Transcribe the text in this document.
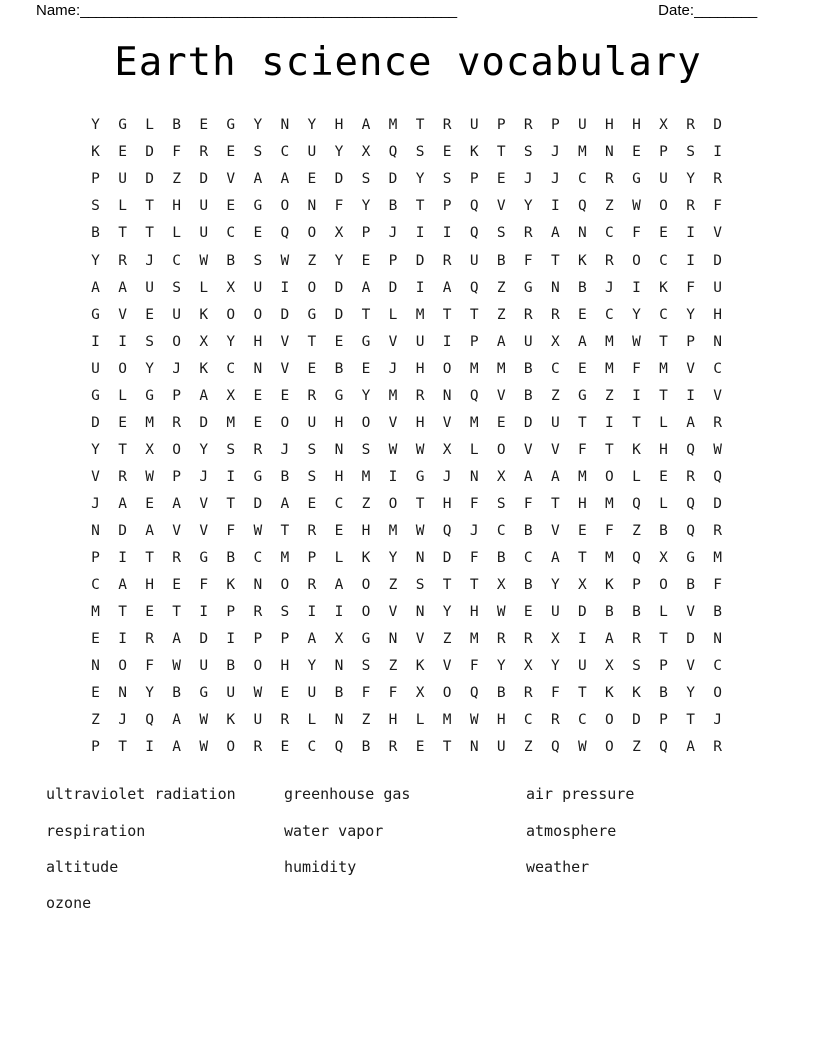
Name: ________________________________________________	Date: ________
Earth science vocabulary
Y	G	L	B	E	G	Y	N	Y	H	A	M	T	R	U	P	R	P	U	H	H	X	R	D
K	E	D	F	R	E	S	C	U	Y	X	Q	S	E	K	T	S	J	M	N	E	P	S	I
P	U	D	Z	D	V	A	A	E	D	S	D	Y	S	P	E	J	J	C	R	G	U	Y	R
S	L	T	H	U	E	G	O	N	F	Y	B	T	P	Q	V	Y	I	Q	Z	W	O	R	F
B	T	T	L	U	C	E	Q	O	X	P	J	I	I	Q	S	R	A	N	C	F	E	I	V
Y	R	J	C	W	B	S	W	Z	Y	E	P	D	R	U	B	F	T	K	R	O	C	I	D
A	A	U	S	L	X	U	I	O	D	A	D	I	A	Q	Z	G	N	B	J	I	K	F	U
G	V	E	U	K	O	O	D	G	D	T	L	M	T	T	Z	R	R	E	C	Y	C	Y	H
I	I	S	O	X	Y	H	V	T	E	G	V	U	I	P	A	U	X	A	M	W	T	P	N
U	O	Y	J	K	C	N	V	E	B	E	J	H	O	M	M	B	C	E	M	F	M	V	C
G	L	G	P	A	X	E	E	R	G	Y	M	R	N	Q	V	B	Z	G	Z	I	T	I	V
D	E	M	R	D	M	E	O	U	H	O	V	H	V	M	E	D	U	T	I	T	L	A	R
Y	T	X	O	Y	S	R	J	S	N	S	W	W	X	L	O	V	V	F	T	K	H	Q	W
V	R	W	P	J	I	G	B	S	H	M	I	G	J	N	X	A	A	M	O	L	E	R	Q
J	A	E	A	V	T	D	A	E	C	Z	O	T	H	F	S	F	T	H	M	Q	L	Q	D
N	D	A	V	V	F	W	T	R	E	H	M	W	Q	J	C	B	V	E	F	Z	B	Q	R
P	I	T	R	G	B	C	M	P	L	K	Y	N	D	F	B	C	A	T	M	Q	X	G	M
C	A	H	E	F	K	N	O	R	A	O	Z	S	T	T	X	B	Y	X	K	P	O	B	F
M	T	E	T	I	P	R	S	I	I	O	V	N	Y	H	W	E	U	D	B	B	L	V	B
E	I	R	A	D	I	P	P	A	X	G	N	V	Z	M	R	R	X	I	A	R	T	D	N
N	O	F	W	U	B	O	H	Y	N	S	Z	K	V	F	Y	X	Y	U	X	S	P	V	C
E	N	Y	B	G	U	W	E	U	B	F	F	X	O	Q	B	R	F	T	K	K	B	Y	O
Z	J	Q	A	W	K	U	R	L	N	Z	H	L	M	W	H	C	R	C	O	D	P	T	J
P	T	I	A	W	O	R	E	C	Q	B	R	E	T	N	U	Z	Q	W	O	Z	Q	A	R
ultraviolet radiation	greenhouse gas	air pressure
respiration	water vapor	atmosphere
altitude	humidity	weather
ozone
